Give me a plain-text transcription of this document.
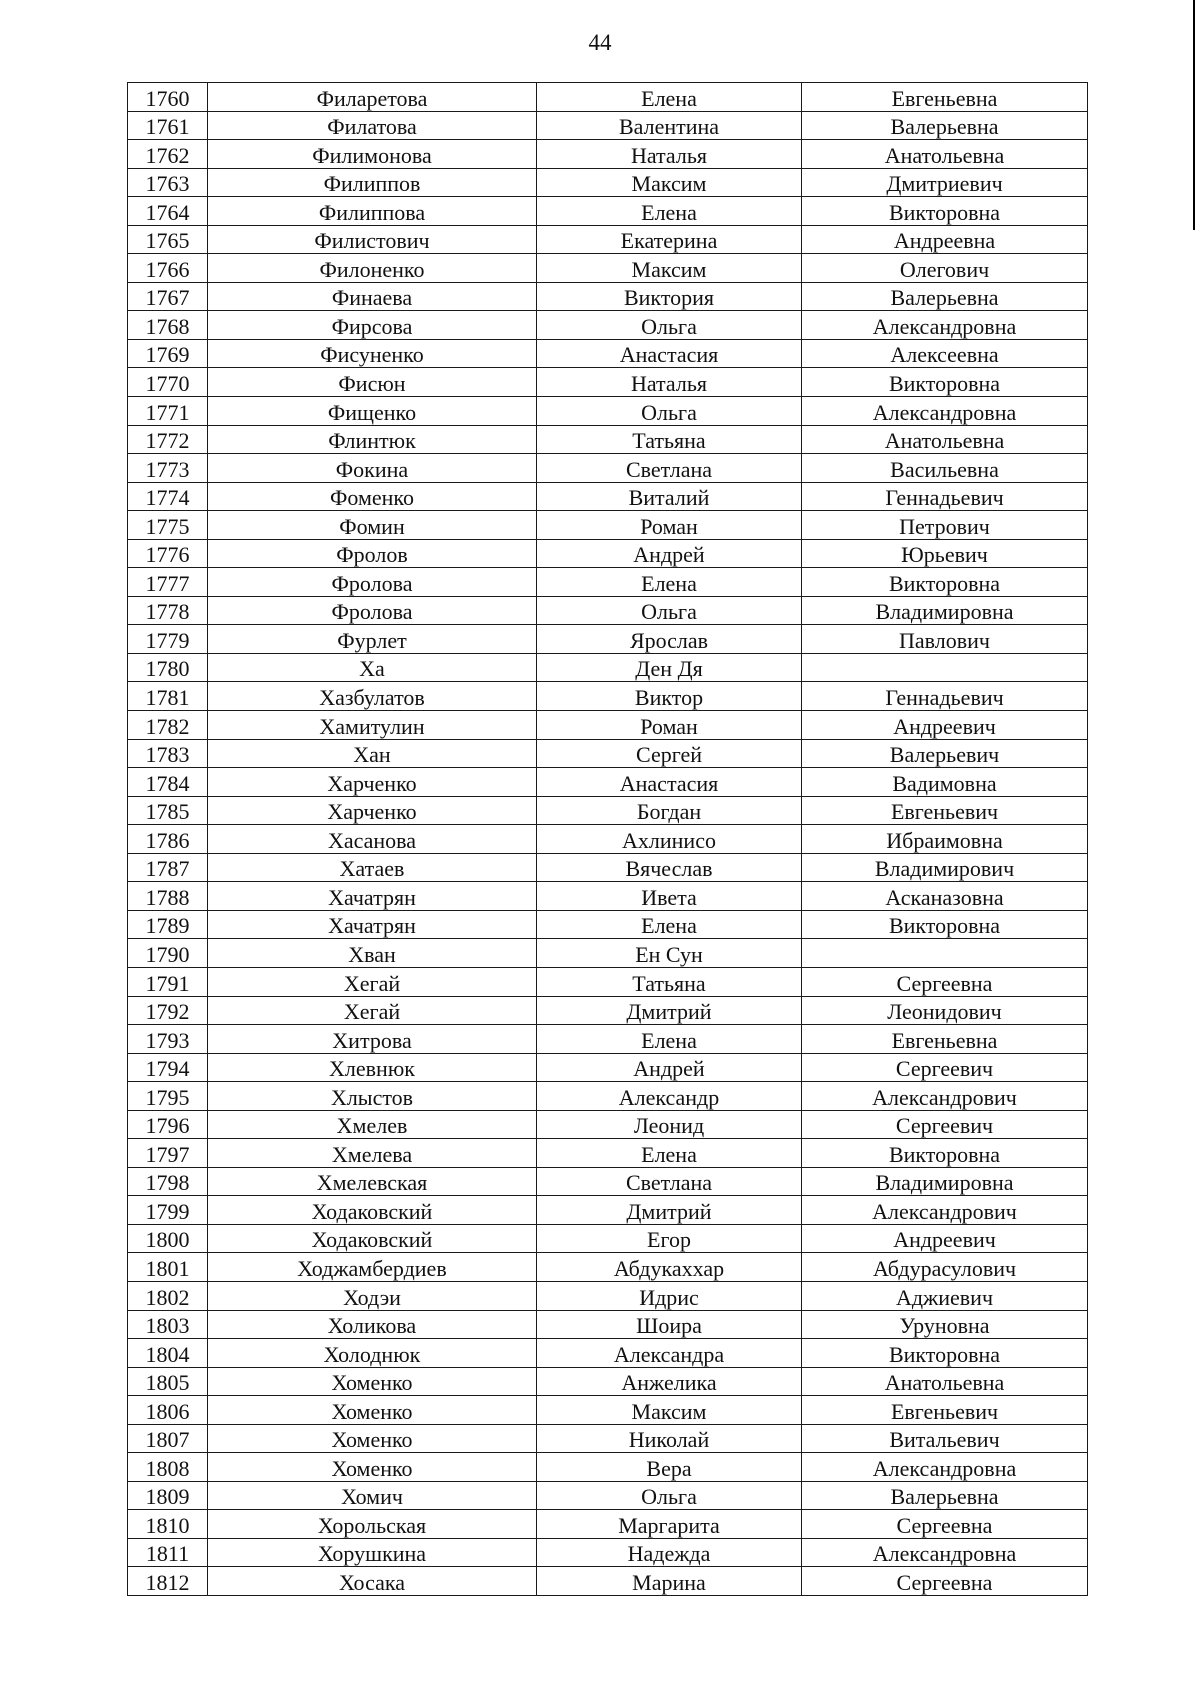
44
1760	Филаретова	Елена	Евгеньевна
1761	Филатова	Валентина	Валерьевна
1762	Филимонова	Наталья	Анатольевна
1763	Филиппов	Максим	Дмитриевич
1764	Филиппова	Елена	Викторовна
1765	Филистович	Екатерина	Андреевна
1766	Филоненко	Максим	Олегович
1767	Финаева	Виктория	Валерьевна
1768	Фирсова	Ольга	Александровна
1769	Фисуненко	Анастасия	Алексеевна
1770	Фисюн	Наталья	Викторовна
1771	Фищенко	Ольга	Александровна
1772	Флинтюк	Татьяна	Анатольевна
1773	Фокина	Светлана	Васильевна
1774	Фоменко	Виталий	Геннадьевич
1775	Фомин	Роман	Петрович
1776	Фролов	Андрей	Юрьевич
1777	Фролова	Елена	Викторовна
1778	Фролова	Ольга	Владимировна
1779	Фурлет	Ярослав	Павлович
1780	Ха	Ден Дя	
1781	Хазбулатов	Виктор	Геннадьевич
1782	Хамитулин	Роман	Андреевич
1783	Хан	Сергей	Валерьевич
1784	Харченко	Анастасия	Вадимовна
1785	Харченко	Богдан	Евгеньевич
1786	Хасанова	Ахлинисо	Ибраимовна
1787	Хатаев	Вячеслав	Владимирович
1788	Хачатрян	Ивета	Асканазовна
1789	Хачатрян	Елена	Викторовна
1790	Хван	Ен Сун	
1791	Хегай	Татьяна	Сергеевна
1792	Хегай	Дмитрий	Леонидович
1793	Хитрова	Елена	Евгеньевна
1794	Хлевнюк	Андрей	Сергеевич
1795	Хлыстов	Александр	Александрович
1796	Хмелев	Леонид	Сергеевич
1797	Хмелева	Елена	Викторовна
1798	Хмелевская	Светлана	Владимировна
1799	Ходаковский	Дмитрий	Александрович
1800	Ходаковский	Егор	Андреевич
1801	Ходжамбердиев	Абдукаххар	Абдурасулович
1802	Ходэи	Идрис	Аджиевич
1803	Холикова	Шоира	Уруновна
1804	Холоднюк	Александра	Викторовна
1805	Хоменко	Анжелика	Анатольевна
1806	Хоменко	Максим	Евгеньевич
1807	Хоменко	Николай	Витальевич
1808	Хоменко	Вера	Александровна
1809	Хомич	Ольга	Валерьевна
1810	Хорольская	Маргарита	Сергеевна
1811	Хорушкина	Надежда	Александровна
1812	Хосака	Марина	Сергеевна
